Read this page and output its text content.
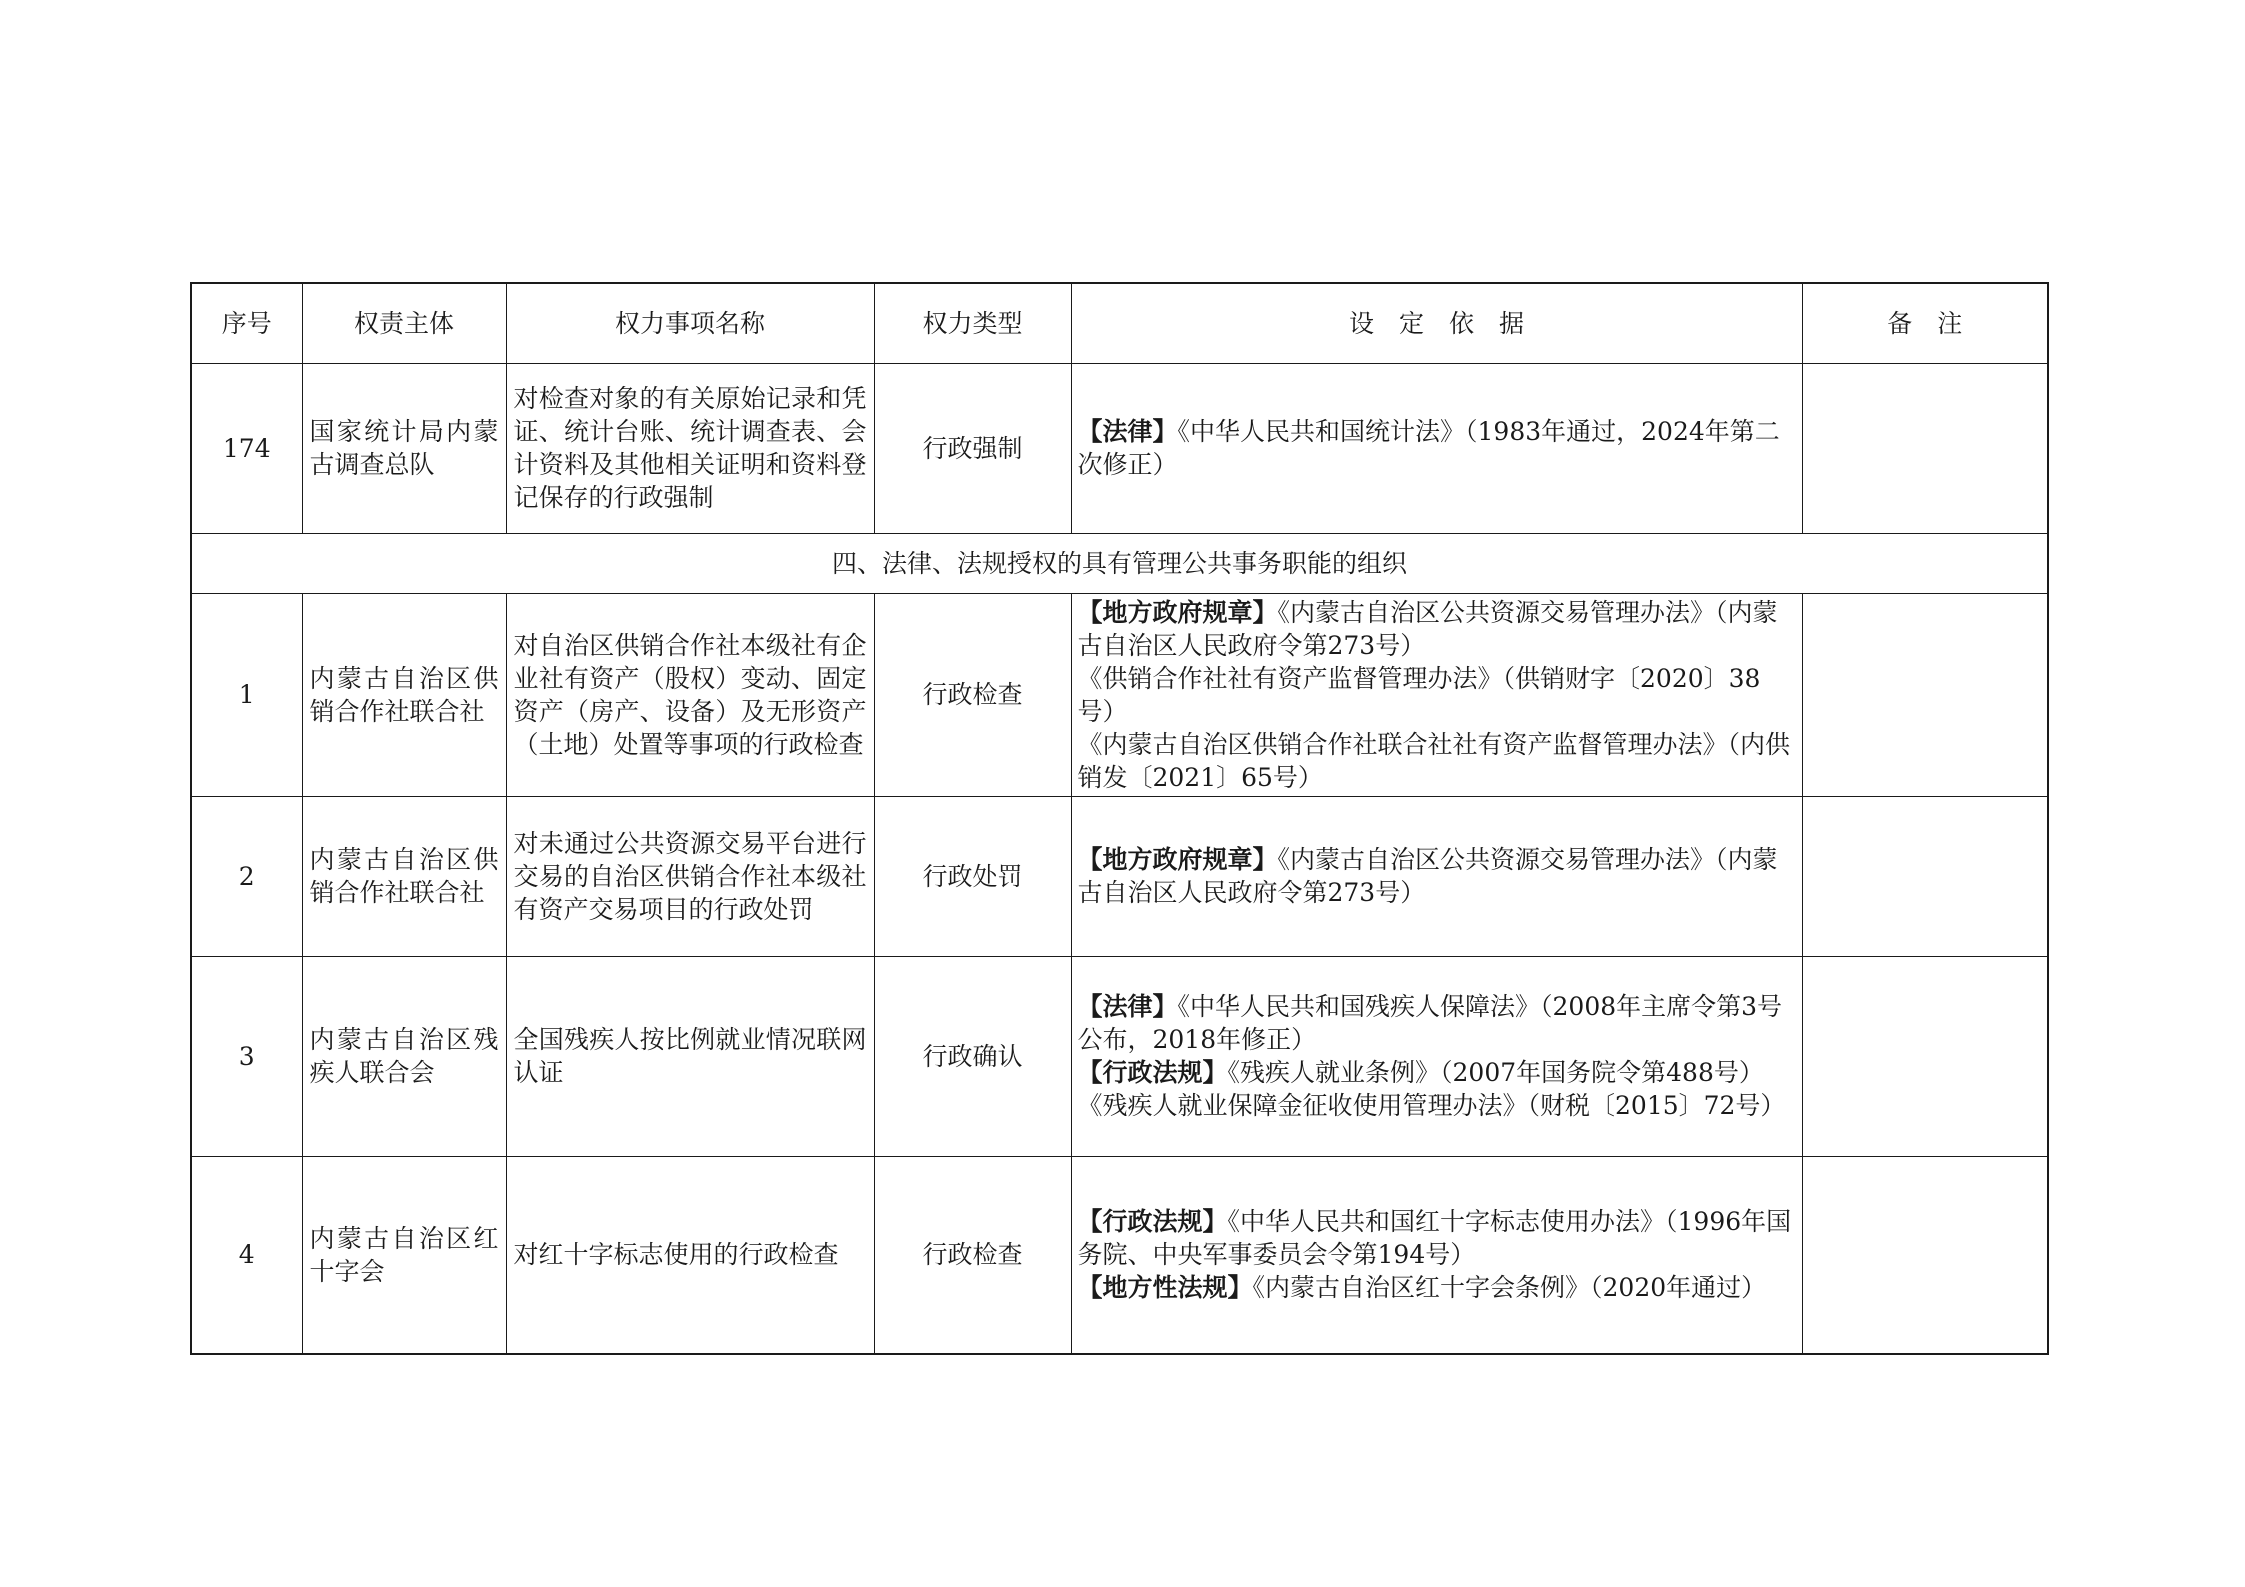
序号	权责主体	权力事项名称	权力类型	设　定　依　据	备　注
174	国家统计局内蒙古调查总队	对检查对象的有关原始记录和凭证、统计台账、统计调查表、会计资料及其他相关证明和资料登记保存的行政强制	行政强制	【法律】《中华人民共和国统计法》（1983年通过，2024年第二次修正）	

四、法律、法规授权的具有管理公共事务职能的组织					
1	内蒙古自治区供销合作社联合社	对自治区供销合作社本级社有企业社有资产（股权）变动、固定资产（房产、设备）及无形资产（土地）处置等事项的行政检查	行政检查	【地方政府规章】《内蒙古自治区公共资源交易管理办法》（内蒙古自治区人民政府令第273号）
《供销合作社社有资产监督管理办法》（供销财字〔2020〕38号）
《内蒙古自治区供销合作社联合社社有资产监督管理办法》（内供销发〔2021〕65号）	

2	内蒙古自治区供销合作社联合社	对未通过公共资源交易平台进行交易的自治区供销合作社本级社有资产交易项目的行政处罚	行政处罚	【地方政府规章】《内蒙古自治区公共资源交易管理办法》（内蒙古自治区人民政府令第273号）	

3	内蒙古自治区残疾人联合会	全国残疾人按比例就业情况联网认证	行政确认	【法律】《中华人民共和国残疾人保障法》（2008年主席令第3号公布，2018年修正）
【行政法规】《残疾人就业条例》（2007年国务院令第488号）
《残疾人就业保障金征收使用管理办法》（财税〔2015〕72号）	

4	内蒙古自治区红十字会	对红十字标志使用的行政检查	行政检查	【行政法规】《中华人民共和国红十字标志使用办法》（1996年国务院、中央军事委员会令第194号）
【地方性法规】《内蒙古自治区红十字会条例》（2020年通过）	
